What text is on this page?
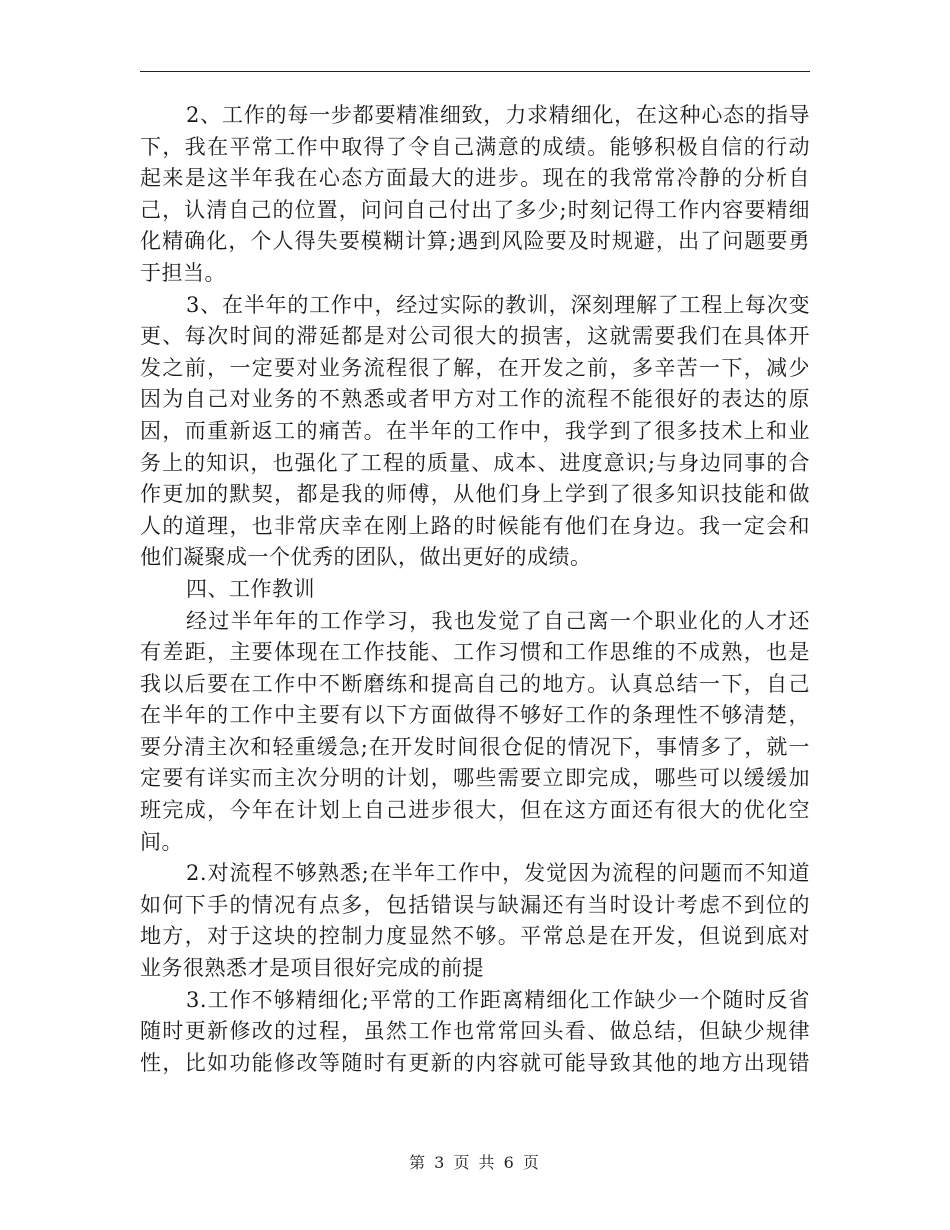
2、工作的每一步都要精准细致，力求精细化，在这种心态的指导
下，我在平常工作中取得了令自己满意的成绩。能够积极自信的行动
起来是这半年我在心态方面最大的进步。现在的我常常冷静的分析自
己，认清自己的位置，问问自己付出了多少;时刻记得工作内容要精细
化精确化，个人得失要模糊计算;遇到风险要及时规避，出了问题要勇
于担当。
3、在半年的工作中，经过实际的教训，深刻理解了工程上每次变
更、每次时间的滞延都是对公司很大的损害，这就需要我们在具体开
发之前，一定要对业务流程很了解，在开发之前，多辛苦一下，减少
因为自己对业务的不熟悉或者甲方对工作的流程不能很好的表达的原
因，而重新返工的痛苦。在半年的工作中，我学到了很多技术上和业
务上的知识，也强化了工程的质量、成本、进度意识;与身边同事的合
作更加的默契，都是我的师傅，从他们身上学到了很多知识技能和做
人的道理，也非常庆幸在刚上路的时候能有他们在身边。我一定会和
他们凝聚成一个优秀的团队，做出更好的成绩。
四、工作教训
经过半年年的工作学习，我也发觉了自己离一个职业化的人才还
有差距，主要体现在工作技能、工作习惯和工作思维的不成熟，也是
我以后要在工作中不断磨练和提高自己的地方。认真总结一下，自己
在半年的工作中主要有以下方面做得不够好工作的条理性不够清楚，
要分清主次和轻重缓急;在开发时间很仓促的情况下，事情多了，就一
定要有详实而主次分明的计划，哪些需要立即完成，哪些可以缓缓加
班完成，今年在计划上自己进步很大，但在这方面还有很大的优化空
间。
2.对流程不够熟悉;在半年工作中，发觉因为流程的问题而不知道
如何下手的情况有点多，包括错误与缺漏还有当时设计考虑不到位的
地方，对于这块的控制力度显然不够。平常总是在开发，但说到底对
业务很熟悉才是项目很好完成的前提
3.工作不够精细化;平常的工作距离精细化工作缺少一个随时反省
随时更新修改的过程，虽然工作也常常回头看、做总结，但缺少规律
性，比如功能修改等随时有更新的内容就可能导致其他的地方出现错
第 3 页 共 6 页
